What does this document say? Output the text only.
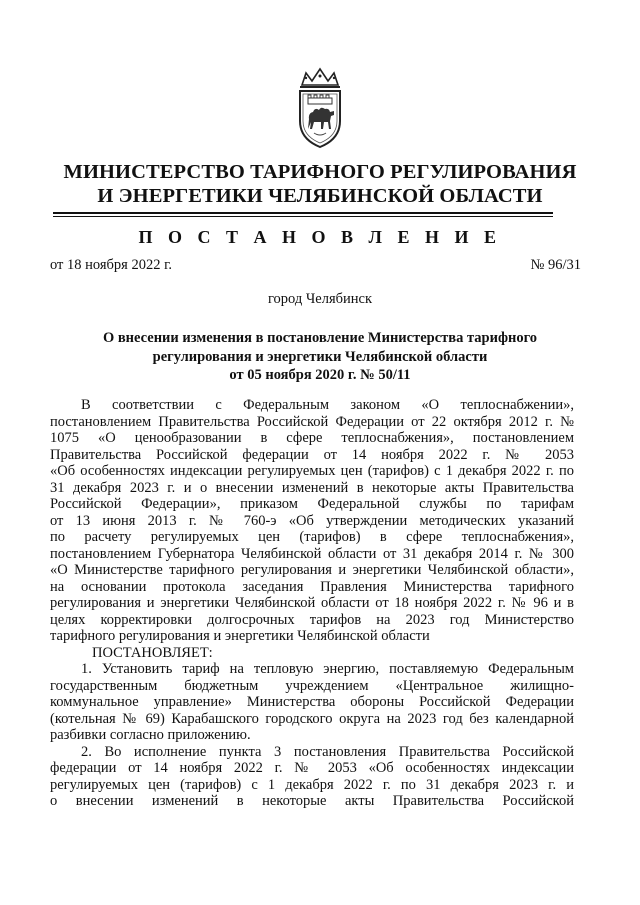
МИНИСТЕРСТВО ТАРИФНОГО РЕГУЛИРОВАНИЯ
И ЭНЕРГЕТИКИ ЧЕЛЯБИНСКОЙ ОБЛАСТИ
П О С Т А Н О В Л Е Н И Е
от 18 ноября 2022 г.	№ 96/31
город Челябинск
О внесении изменения в постановление Министерства тарифного
регулирования и энергетики Челябинской области
от 05 ноября 2020 г. № 50/11
В соответствии с Федеральным законом «О теплоснабжении»,
постановлением Правительства Российской Федерации от 22 октября 2012 г. №
1075 «О ценообразовании в сфере теплоснабжения», постановлением
Правительства Российской федерации от 14 ноября 2022 г. № 2053
«Об особенностях индексации регулируемых цен (тарифов) с 1 декабря 2022 г. по
31 декабря 2023 г. и о внесении изменений в некоторые акты Правительства
Российской Федерации», приказом Федеральной службы по тарифам
от 13 июня 2013 г. № 760-э «Об утверждении методических указаний
по расчету регулируемых цен (тарифов) в сфере теплоснабжения»,
постановлением Губернатора Челябинской области от 31 декабря 2014 г. № 300
«О Министерстве тарифного регулирования и энергетики Челябинской области»,
на основании протокола заседания Правления Министерства тарифного
регулирования и энергетики Челябинской области от 18 ноября 2022 г. № 96 и в
целях корректировки долгосрочных тарифов на 2023 год Министерство
тарифного регулирования и энергетики Челябинской области
ПОСТАНОВЛЯЕТ:
1. Установить тариф на тепловую энергию, поставляемую Федеральным
государственным бюджетным учреждением «Центральное жилищно-
коммунальное управление» Министерства обороны Российской Федерации
(котельная № 69) Карабашского городского округа на 2023 год без календарной
разбивки согласно приложению.
2. Во исполнение пункта 3 постановления Правительства Российской
федерации от 14 ноября 2022 г. № 2053 «Об особенностях индексации
регулируемых цен (тарифов) с 1 декабря 2022 г. по 31 декабря 2023 г. и
о внесении изменений в некоторые акты Правительства Российской
